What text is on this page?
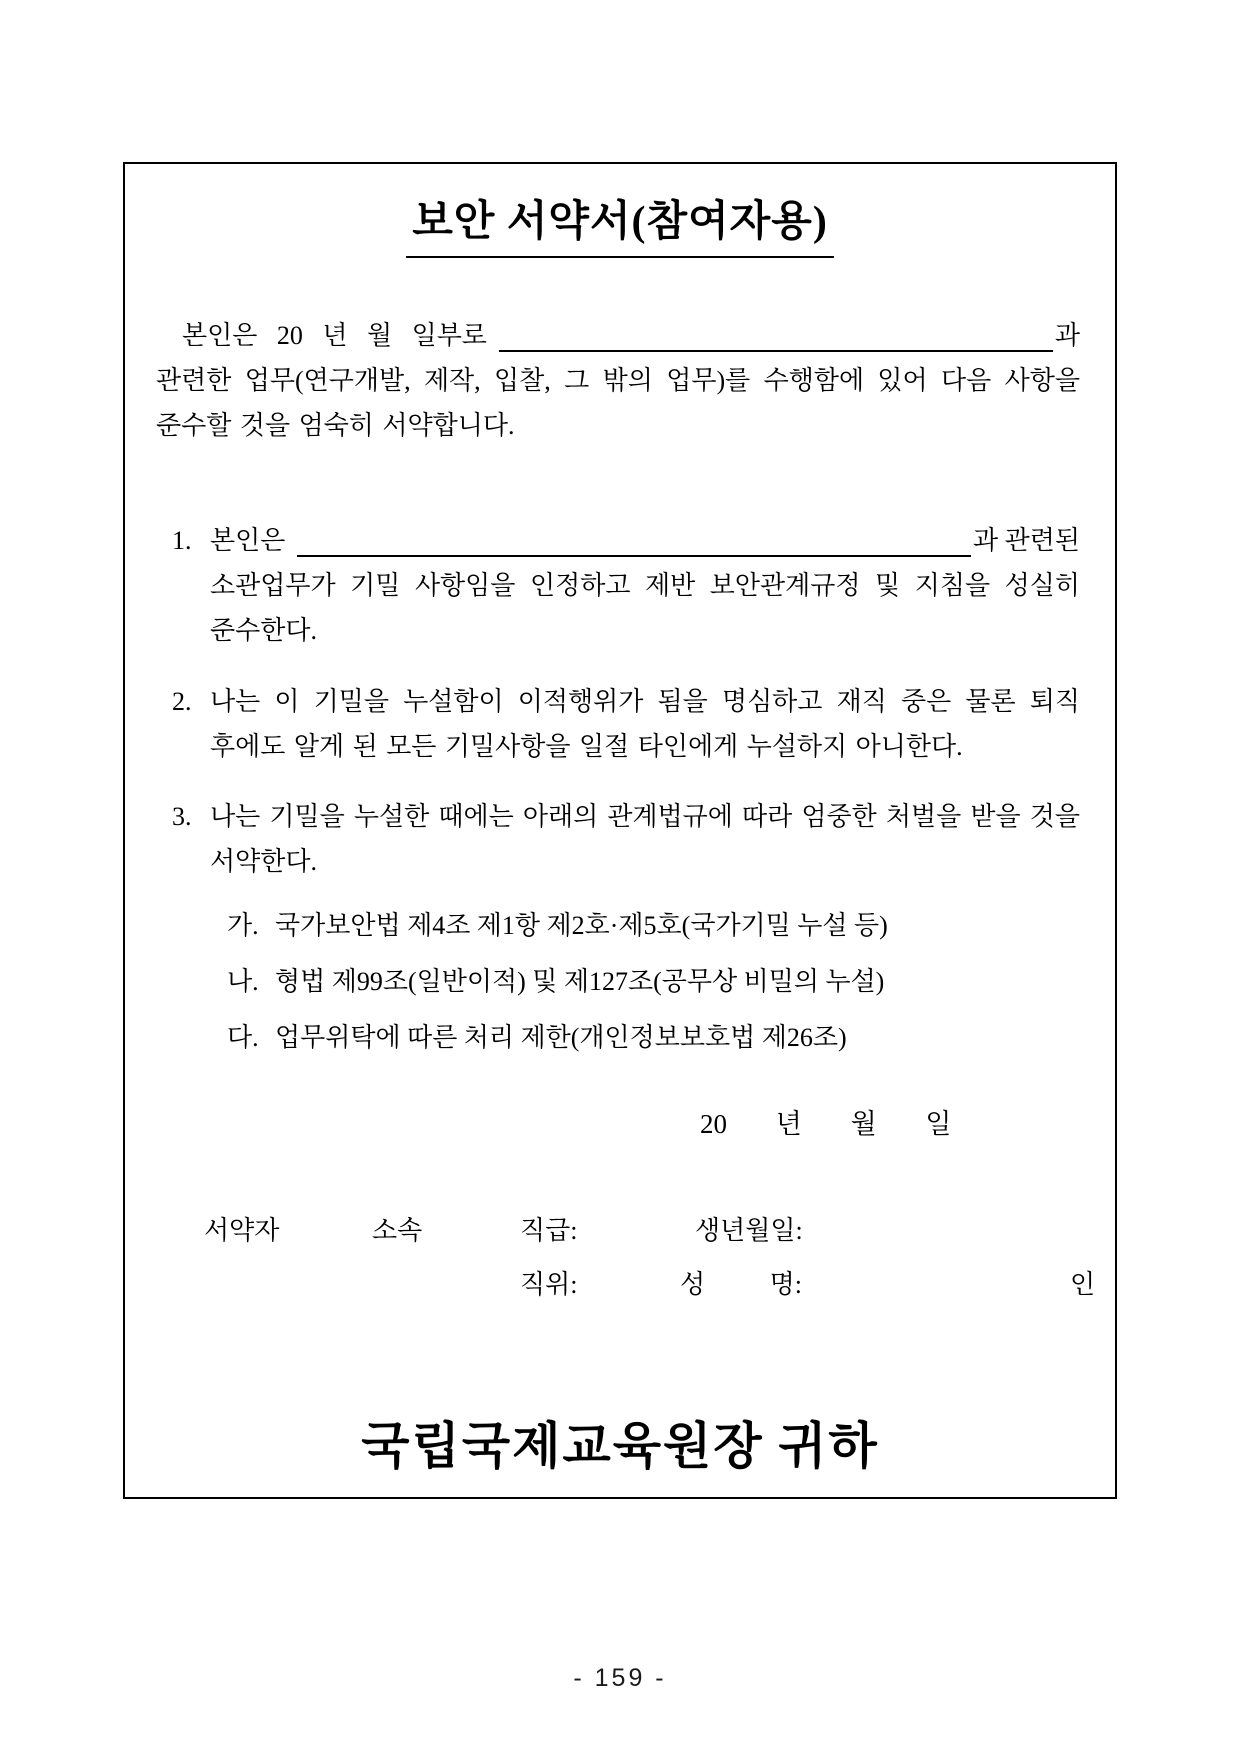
보안 서약서(참여자용)
본인은 20 년 월 일부로	과
관련한 업무(연구개발, 제작, 입찰, 그 밖의 업무)를 수행함에 있어 다음 사항을 준수할 것을 엄숙히 서약합니다.
1. 본인은	과 관련된
소관업무가 기밀 사항임을 인정하고 제반 보안관계규정 및 지침을 성실히 준수한다.
2. 나는 이 기밀을 누설함이 이적행위가 됨을 명심하고 재직 중은 물론 퇴직 후에도 알게 된 모든 기밀사항을 일절 타인에게 누설하지 아니한다.
3. 나는 기밀을 누설한 때에는 아래의 관계법규에 따라 엄중한 처벌을 받을 것을 서약한다.
가. 국가보안법 제4조 제1항 제2호·제5호(국가기밀 누설 등)
나. 형법 제99조(일반이적) 및 제127조(공무상 비밀의 누설)
다. 업무위탁에 따른 처리 제한(개인정보보호법 제26조)
20 년 월 일
서약자	소속	직급:	생년월일:
직위:	성 명:	인
국립국제교육원장 귀하
- 159 -
